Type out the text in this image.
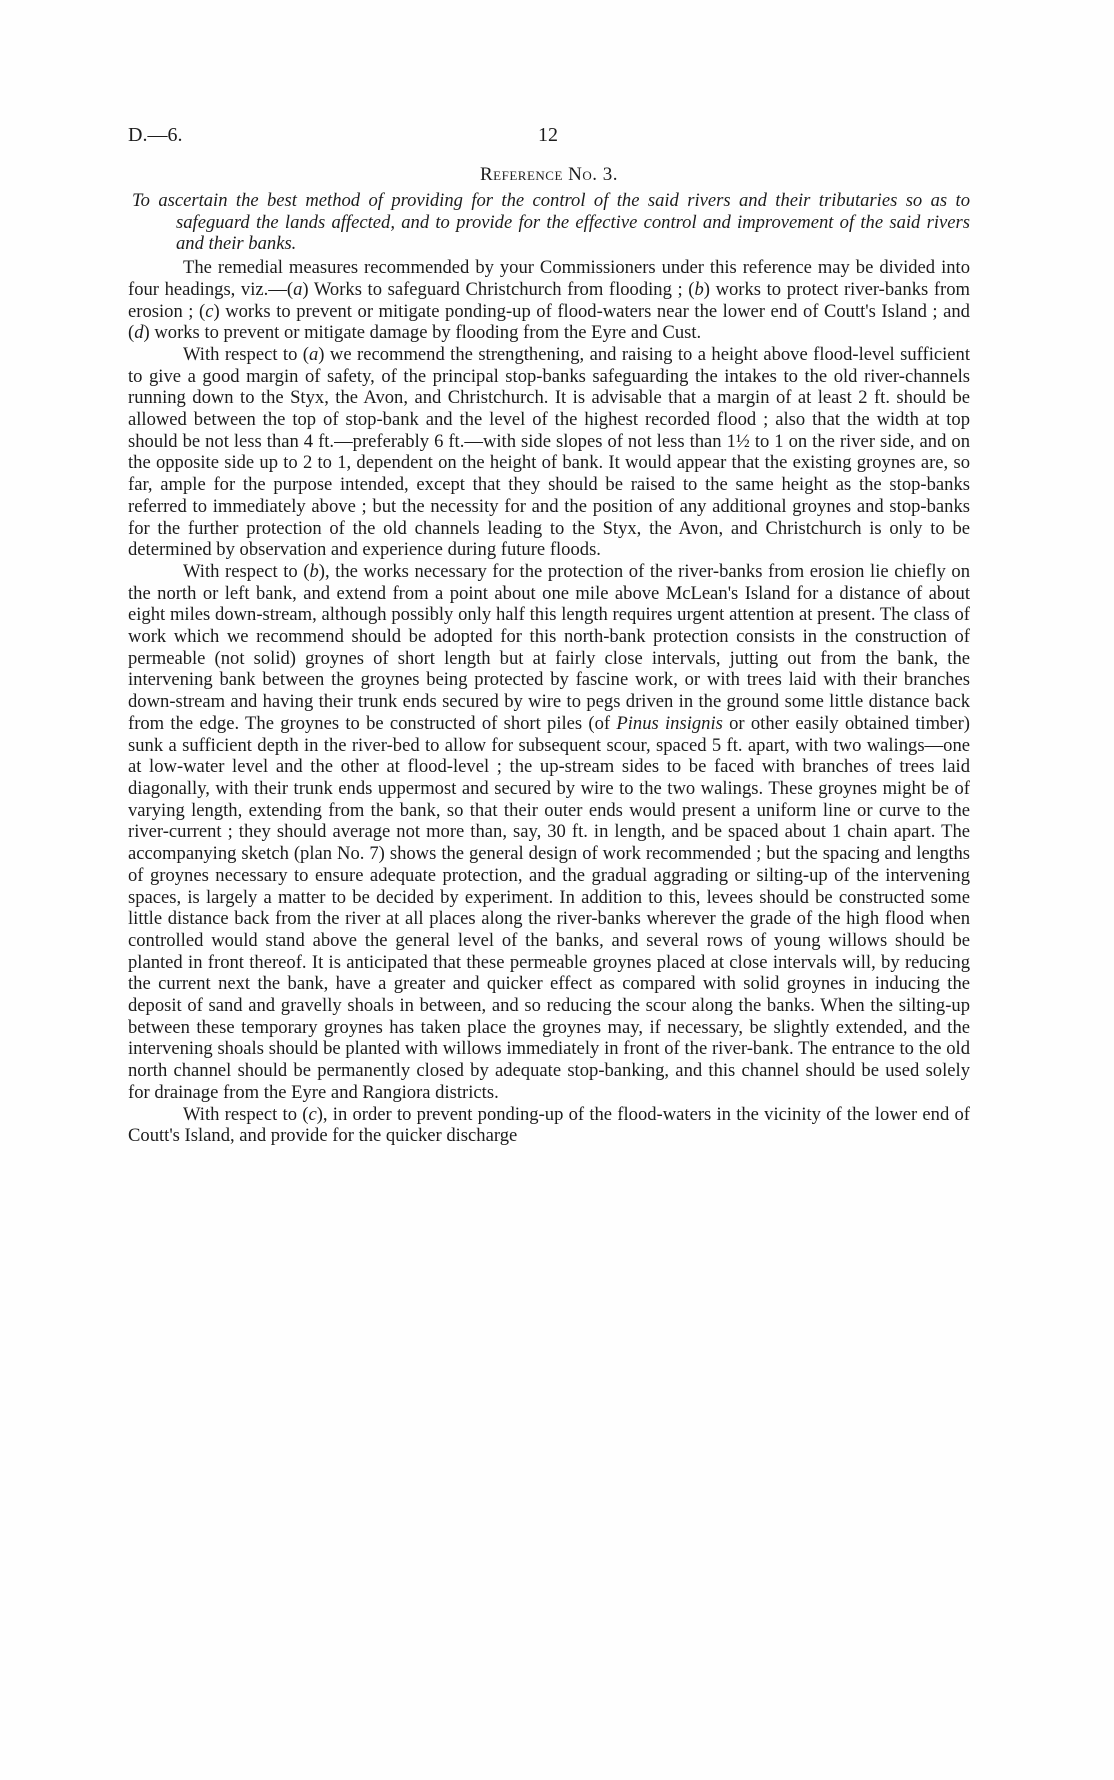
D.—6.	12
Reference No. 3.
To ascertain the best method of providing for the control of the said rivers and their tributaries so as to safeguard the lands affected, and to provide for the effective control and improvement of the said rivers and their banks.

The remedial measures recommended by your Commissioners under this reference may be divided into four headings, viz.—(a) Works to safeguard Christchurch from flooding ; (b) works to protect river-banks from erosion ; (c) works to prevent or mitigate ponding-up of flood-waters near the lower end of Coutt's Island ; and (d) works to prevent or mitigate damage by flooding from the Eyre and Cust.

With respect to (a) we recommend the strengthening, and raising to a height above flood-level sufficient to give a good margin of safety, of the principal stop-banks safeguarding the intakes to the old river-channels running down to the Styx, the Avon, and Christchurch. It is advisable that a margin of at least 2 ft. should be allowed between the top of stop-bank and the level of the highest recorded flood ; also that the width at top should be not less than 4 ft.—preferably 6 ft.—with side slopes of not less than 1½ to 1 on the river side, and on the opposite side up to 2 to 1, dependent on the height of bank. It would appear that the existing groynes are, so far, ample for the purpose intended, except that they should be raised to the same height as the stop-banks referred to immediately above ; but the necessity for and the position of any additional groynes and stop-banks for the further protection of the old channels leading to the Styx, the Avon, and Christchurch is only to be determined by observation and experience during future floods.

With respect to (b), the works necessary for the protection of the river-banks from erosion lie chiefly on the north or left bank, and extend from a point about one mile above McLean's Island for a distance of about eight miles down-stream, although possibly only half this length requires urgent attention at present. The class of work which we recommend should be adopted for this north-bank protection consists in the construction of permeable (not solid) groynes of short length but at fairly close intervals, jutting out from the bank, the intervening bank between the groynes being protected by fascine work, or with trees laid with their branches down-stream and having their trunk ends secured by wire to pegs driven in the ground some little distance back from the edge. The groynes to be constructed of short piles (of Pinus insignis or other easily obtained timber) sunk a sufficient depth in the river-bed to allow for subsequent scour, spaced 5 ft. apart, with two walings—one at low-water level and the other at flood-level ; the up-stream sides to be faced with branches of trees laid diagonally, with their trunk ends uppermost and secured by wire to the two walings. These groynes might be of varying length, extending from the bank, so that their outer ends would present a uniform line or curve to the river-current ; they should average not more than, say, 30 ft. in length, and be spaced about 1 chain apart. The accompanying sketch (plan No. 7) shows the general design of work recommended ; but the spacing and lengths of groynes necessary to ensure adequate protection, and the gradual aggrading or silting-up of the intervening spaces, is largely a matter to be decided by experiment. In addition to this, levees should be constructed some little distance back from the river at all places along the river-banks wherever the grade of the high flood when controlled would stand above the general level of the banks, and several rows of young willows should be planted in front thereof. It is anticipated that these permeable groynes placed at close intervals will, by reducing the current next the bank, have a greater and quicker effect as compared with solid groynes in inducing the deposit of sand and gravelly shoals in between, and so reducing the scour along the banks. When the silting-up between these temporary groynes has taken place the groynes may, if necessary, be slightly extended, and the intervening shoals should be planted with willows immediately in front of the river-bank. The entrance to the old north channel should be permanently closed by adequate stop-banking, and this channel should be used solely for drainage from the Eyre and Rangiora districts.

With respect to (c), in order to prevent ponding-up of the flood-waters in the vicinity of the lower end of Coutt's Island, and provide for the quicker discharge
